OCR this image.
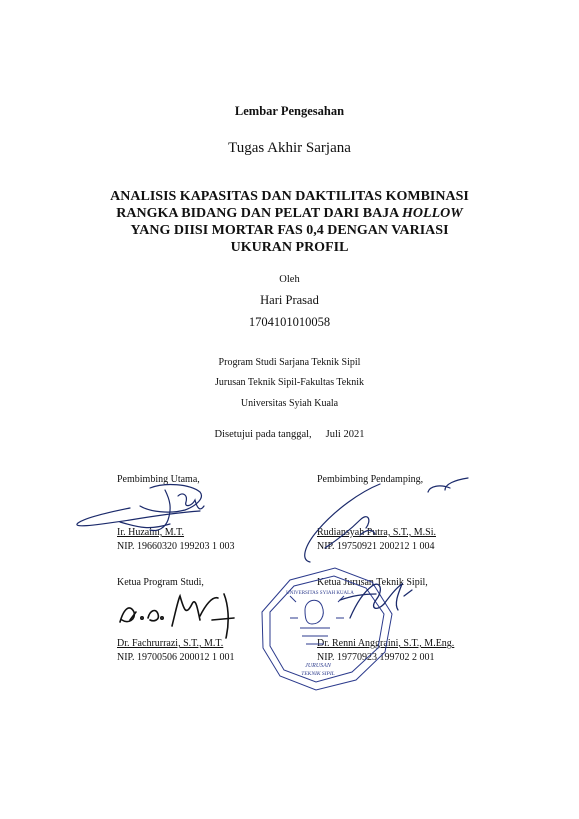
Lembar Pengesahan
Tugas Akhir Sarjana
ANALISIS KAPASITAS DAN DAKTILITAS KOMBINASI
RANGKA BIDANG DAN PELAT DARI BAJA HOLLOW
YANG DIISI MORTAR FAS 0,4 DENGAN VARIASI
UKURAN PROFIL
Oleh
Hari Prasad
1704101010058
Program Studi Sarjana Teknik Sipil
Jurusan Teknik Sipil-Fakultas Teknik
Universitas Syiah Kuala
Disetujui pada tanggal, Juli 2021
Pembimbing Utama,
Ir. Huzaim, M.T.
NIP. 19660320 199203 1 003
Pembimbing Pendamping,
Rudiansyah Putra, S.T., M.Si.
NIP. 19750921 200212 1 004
Ketua Program Studi,
Dr. Fachrurrazi, S.T., M.T.
NIP. 19700506 200012 1 001
Ketua Jurusan Teknik Sipil,
Dr. Renni Anggraini, S.T., M.Eng.
NIP. 19770923 199702 2 001
UNIVERSITAS SYIAH KUALA
JURUSAN
TEKNIK SIPIL
